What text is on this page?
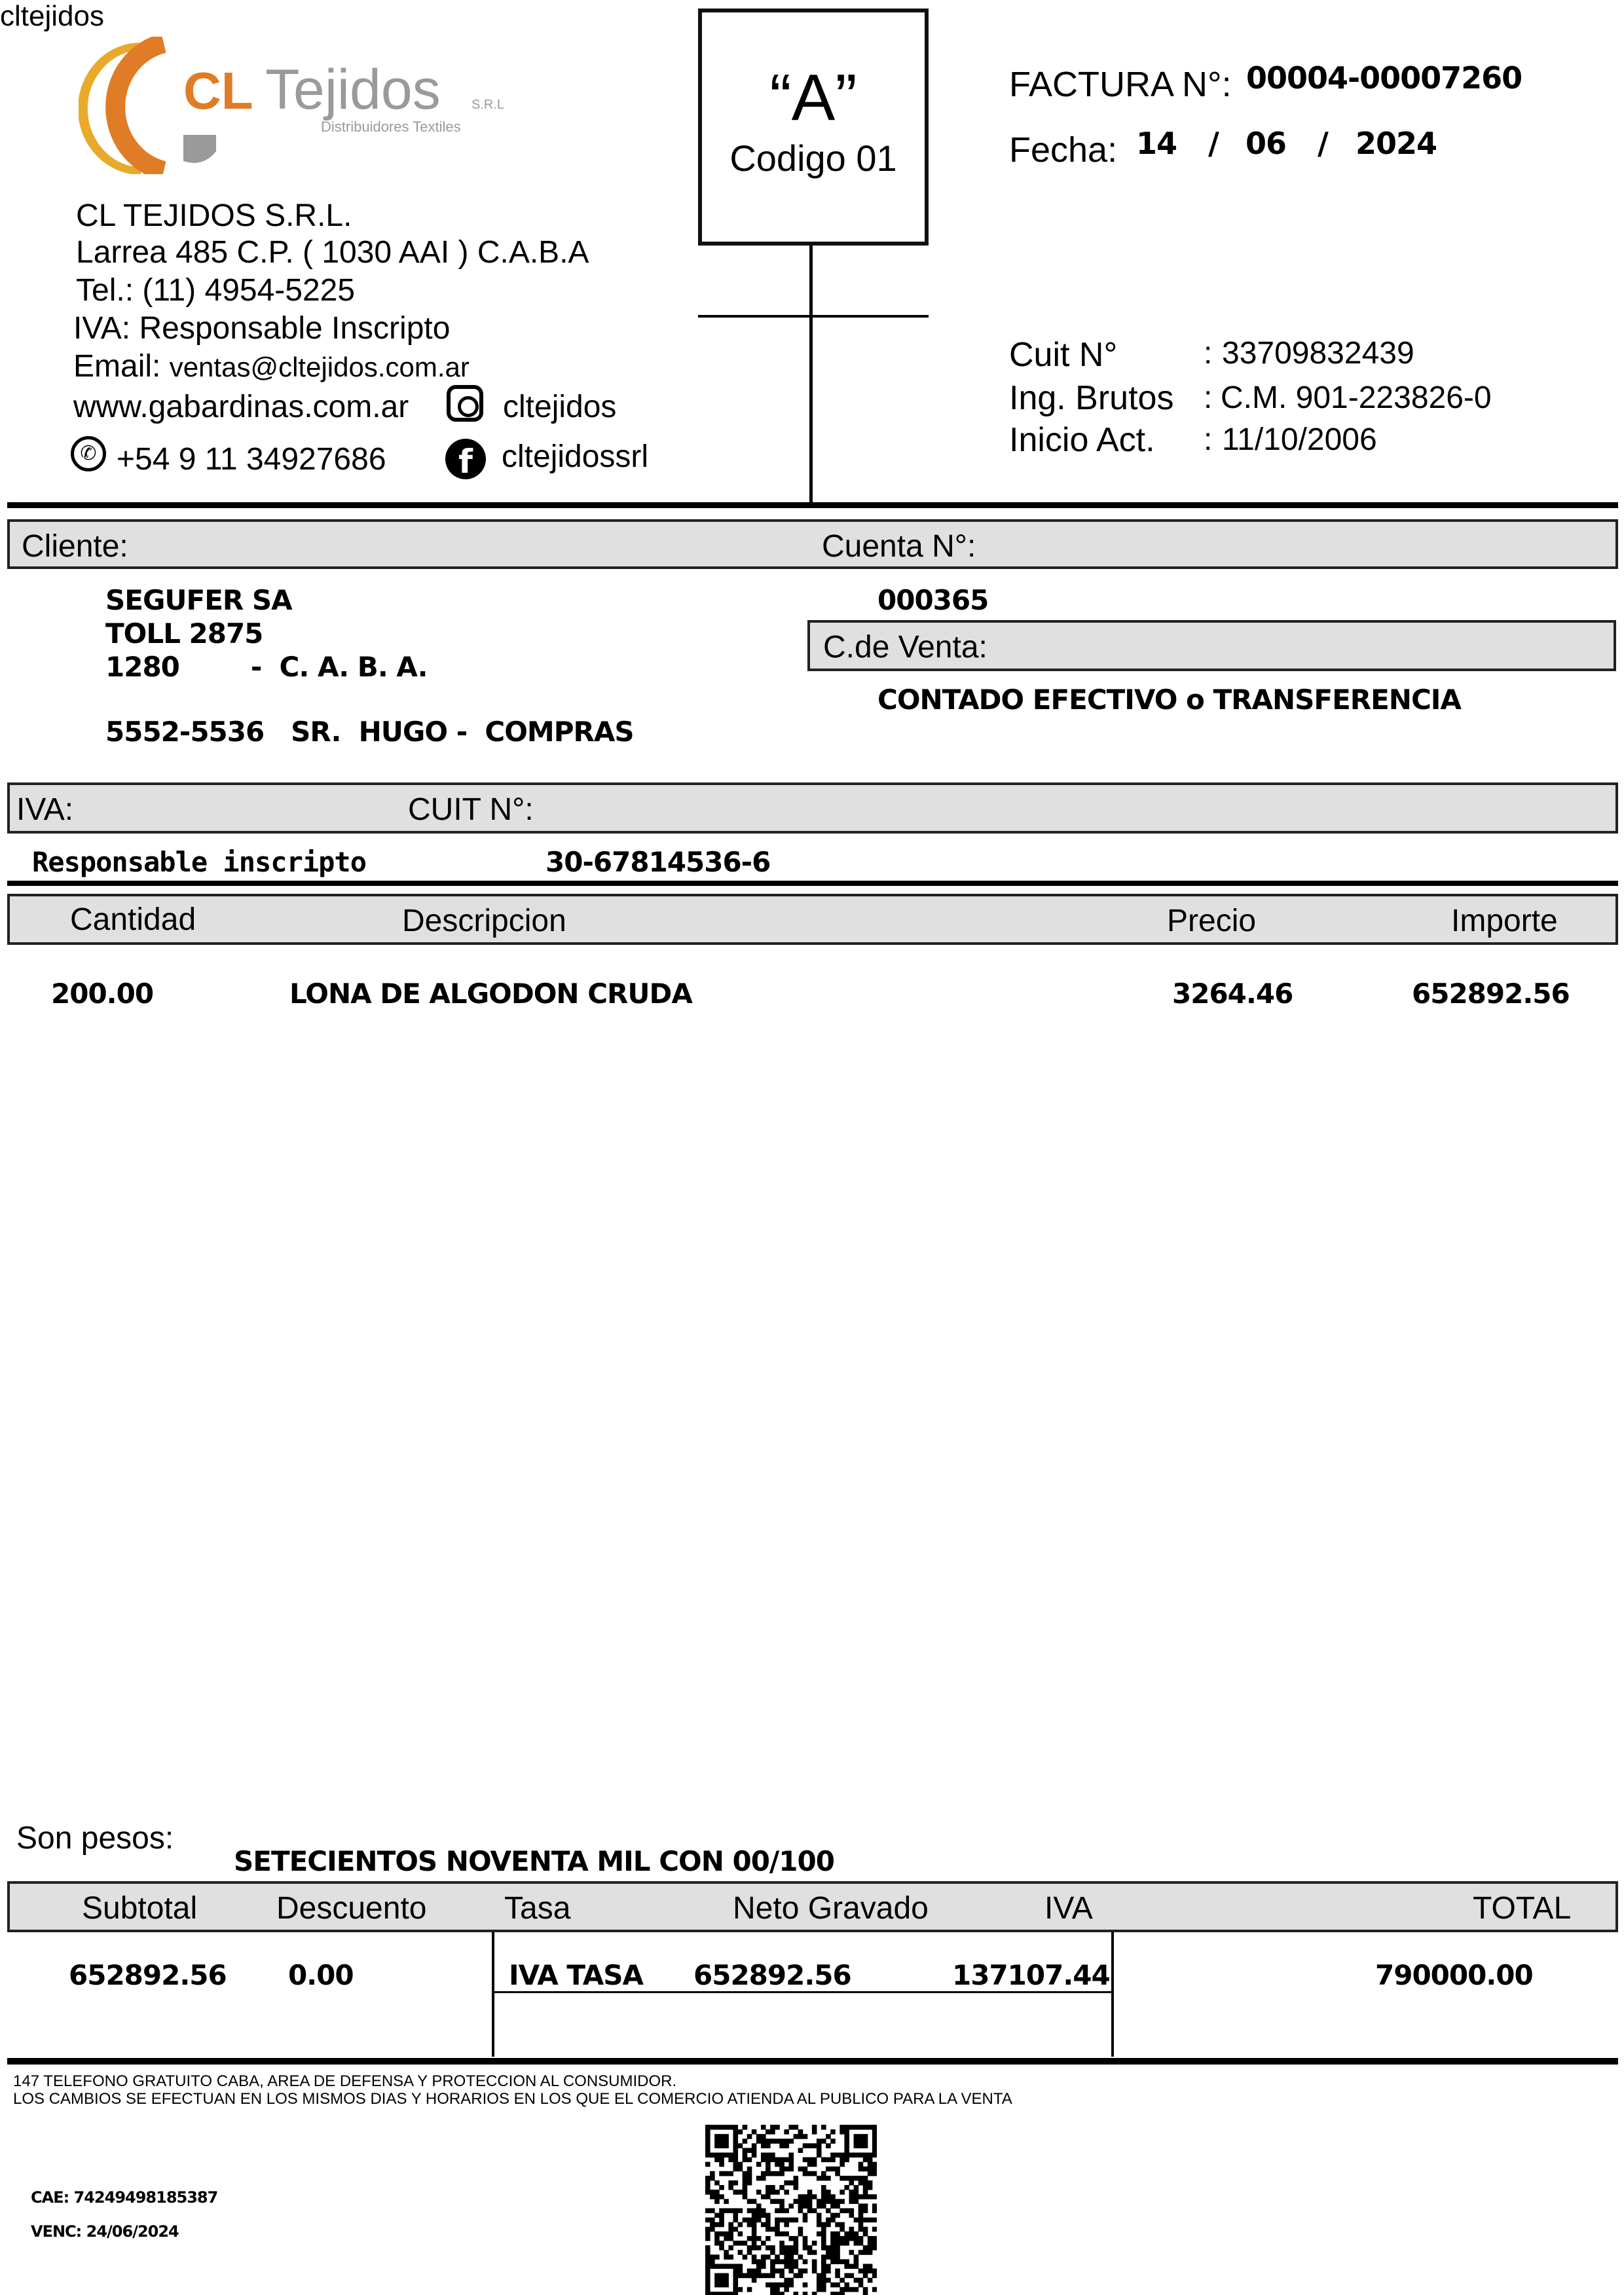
cltejidos
CL Tejidos S.R.L
Distribuidores Textiles	“A”
Codigo 01
CL TEJIDOS S.R.L.
Larrea 485 C.P. ( 1030 AAI ) C.A.B.A
Tel.: (11) 4954-5225
IVA: Responsable Inscripto
Email: ventas@cltejidos.com.ar
www.gabardinas.com.ar	cltejidos
✆ +54 9 11 34927686	f cltejidossrl
FACTURA N°: 00004-00007260
Fecha: 14 / 06 / 2024
Cuit N°	: 33709832439
Ing. Brutos : C.M. 901-223826-0
Inicio Act. : 11/10/2006
Cliente:	Cuenta N°:
SEGUFER SA
TOLL 2875
1280        -  C. A. B. A.
5552-5536   SR.  HUGO -  COMPRAS
000365
C.de Venta:
CONTADO EFECTIVO o TRANSFERENCIA
IVA:	CUIT N°:
Responsable inscripto	30-67814536-6
Cantidad	Descripcion	Precio	Importe
200.00	LONA DE ALGODON CRUDA	3264.46	652892.56
Son pesos:
SETECIENTOS NOVENTA MIL CON 00/100
Subtotal	Descuento Tasa	Neto Gravado	IVA	TOTAL
652892.56 0.00	IVA TASA 652892.56	137107.44	790000.00
147 TELEFONO GRATUITO CABA, AREA DE DEFENSA Y PROTECCION AL CONSUMIDOR.
LOS CAMBIOS SE EFECTUAN EN LOS MISMOS DIAS Y HORARIOS EN LOS QUE EL COMERCIO ATIENDA AL PUBLICO PARA LA VENTA
CAE: 74249498185387
VENC: 24/06/2024
